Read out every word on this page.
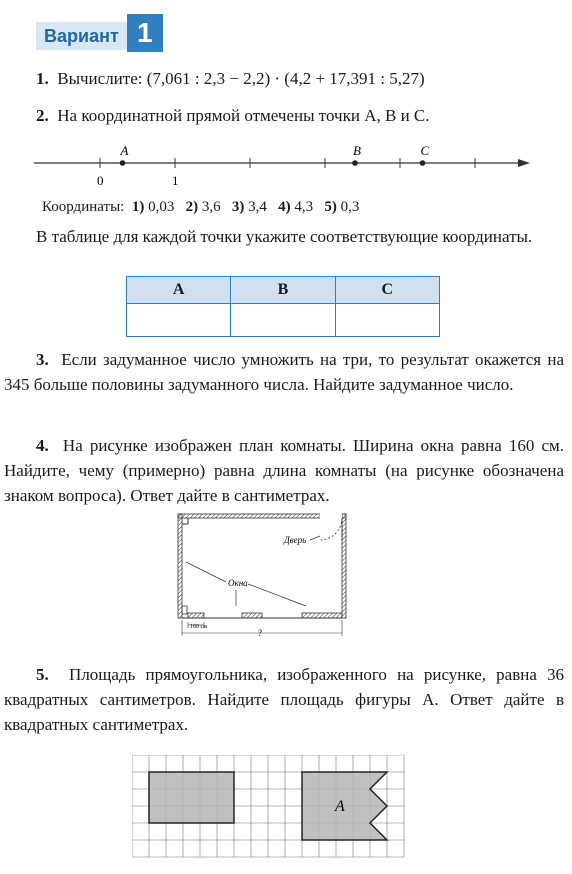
Вариант 1
1. Вычислите: (7,061 : 2,3 − 2,2) · (4,2 + 17,391 : 5,27)
2. На координатной прямой отмечены точки A, B и C.
A	B	C
0	1
Координаты: 1) 0,03   2) 3,6   3) 3,4   4) 4,3   5) 0,3
В таблице для каждой точки укажите соответствующие координаты.
A	B	C

3. Если задуманное число умножить на три, то результат окажется на 345 больше половины задуманного числа. Найдите задуманное число.
4. На рисунке изображен план комнаты. Ширина окна равна 160 см. Найдите, чему (примерно) равна длина комнаты (на рисунке обозначена знаком вопроса). Ответ дайте в сантиметрах.
Дверь
Окна
160 см
?
5. Площадь прямоугольника, изображенного на рисунке, равна 36 квадратных сантиметров. Найдите площадь фигуры А. Ответ дайте в квадратных сантиметрах.
A
